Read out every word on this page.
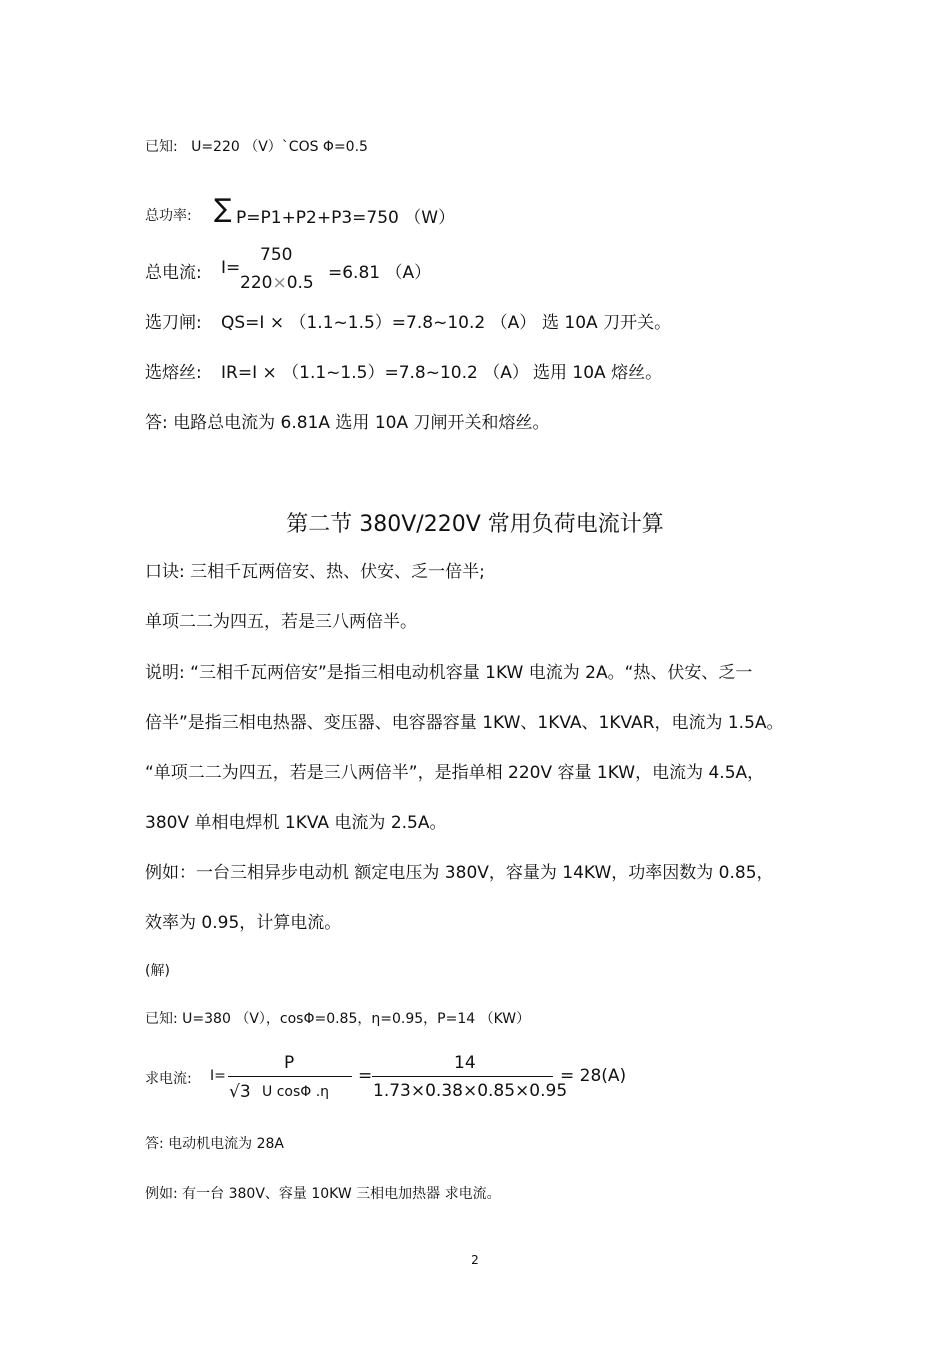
已知: U=220 （V）`COS Φ=0.5
总功率: ∑ P=P1+P2+P3=750 （W）
总电流: I=
750
220×0.5 =6.81 （A）
选刀闸: QS=I × （1.1~1.5）=7.8~10.2 （A） 选 10A 刀开关。
选熔丝: IR=I × （1.1~1.5）=7.8~10.2 （A） 选用 10A 熔丝。
答: 电路总电流为 6.81A 选用 10A 刀闸开关和熔丝。
第二节 380V/220V 常用负荷电流计算
口诀: 三相千瓦两倍安、热、伏安、乏一倍半;
单项二二为四五，若是三八两倍半。
说明: “三相千瓦两倍安”是指三相电动机容量 1KW 电流为 2A。“热、伏安、乏一
倍半”是指三相电热器、变压器、电容器容量 1KW、1KVA、1KVAR，电流为 1.5A。
“单项二二为四五，若是三八两倍半”，是指单相 220V 容量 1KW，电流为 4.5A，
380V 单相电焊机 1KVA 电流为 2.5A。
例如：一台三相异步电动机 额定电压为 380V，容量为 14KW，功率因数为 0.85，
效率为 0.95，计算电流。
(解)
已知: U=380 （V），cosΦ=0.85，η=0.95，P=14 （KW）
求电流: I=
P
√3 U cosΦ .η
=
14
1.73×0.38×0.85×0.95
= 28(A)
答: 电动机电流为 28A
例如: 有一台 380V、容量 10KW 三相电加热器 求电流。
2
